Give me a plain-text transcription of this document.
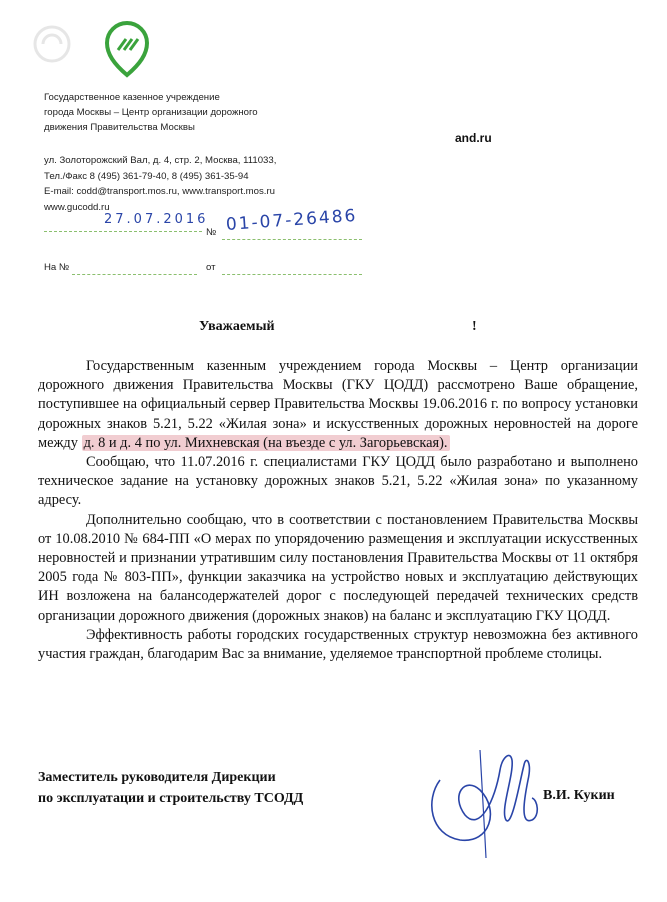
Государственное казенное учреждение
города Москвы – Центр организации дорожного
движения Правительства Москвы
ул. Золоторожский Вал, д. 4, стр. 2, Москва, 111033,
Тел./Факс 8 (495) 361-79-40, 8 (495) 361-35-94
E-mail: codd@transport.mos.ru, www.transport.mos.ru
www.gucodd.ru
and.ru
27.07.2016
№ 01-07-26486
На №	от
Уважаемый	!

Государственным казенным учреждением города Москвы – Центр организации дорожного движения Правительства Москвы (ГКУ ЦОДД) рассмотрено Ваше обращение, поступившее на официальный сервер Правительства Москвы 19.06.2016 г. по вопросу установки дорожных знаков 5.21, 5.22 «Жилая зона» и искусственных дорожных неровностей на дороге между д. 8 и д. 4 по ул. Михневская (на въезде с ул. Загорьевская).

Сообщаю, что 11.07.2016 г. специалистами ГКУ ЦОДД было разработано и выполнено техническое задание на установку дорожных знаков 5.21, 5.22 «Жилая зона» по указанному адресу.

Дополнительно сообщаю, что в соответствии с постановлением Правительства Москвы от 10.08.2010 № 684-ПП «О мерах по упорядочению размещения и эксплуатации искусственных неровностей и признании утратившим силу постановления Правительства Москвы от 11 октября 2005 года № 803-ПП», функции заказчика на устройство новых и эксплуатацию действующих ИН возложена на балансодержателей дорог с последующей передачей технических средств организации дорожного движения (дорожных знаков) на баланс и эксплуатацию ГКУ ЦОДД.

Эффективность работы городских государственных структур невозможна без активного участия граждан, благодарим Вас за внимание, уделяемое транспортной проблеме столицы.

Заместитель руководителя Дирекции
по эксплуатации и строительству ТСОДД	В.И. Кукин
